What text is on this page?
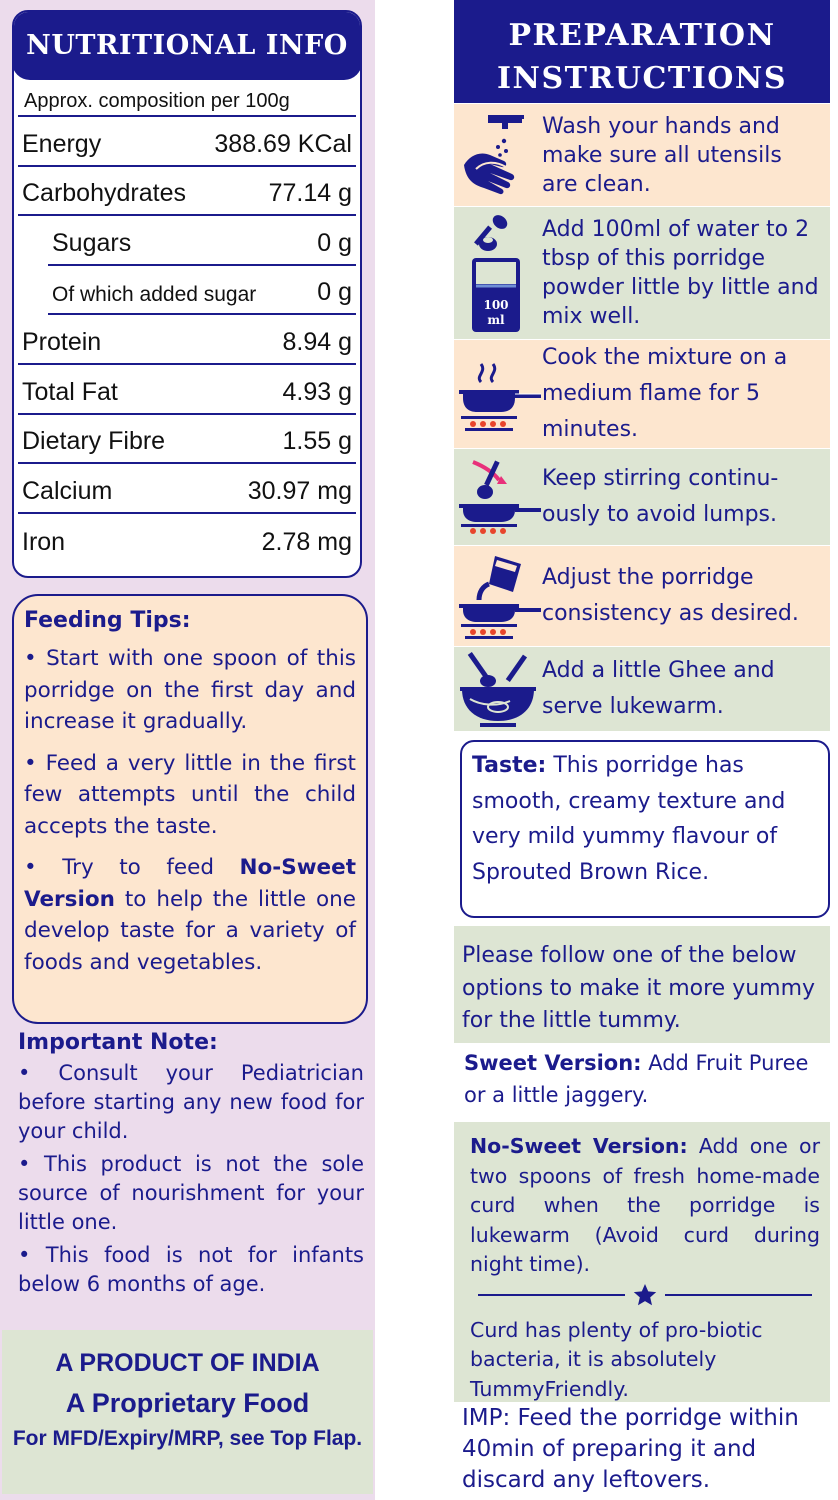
NUTRITIONAL INFO
Approx. composition per 100g
Energy	388.69 KCal
Carbohydrates	77.14 g
Sugars	0 g
Of which added sugar 0 g
Protein	8.94 g
Total Fat	4.93 g
Dietary Fibre	1.55 g
Calcium	30.97 mg
Iron	2.78 mg
Feeding Tips:
• Start with one spoon of this porridge on the first day and increase it gradually.
• Feed a very little in the first few attempts until the child accepts the taste.
• Try to feed No-Sweet Version to help the little one develop taste for a variety of foods and vegetables.
Important Note:
• Consult your Pediatrician before starting any new food for your child.
• This product is not the sole source of nourishment for your little one.
• This food is not for infants below 6 months of age.
A PRODUCT OF INDIA
A Proprietary Food
For MFD/Expiry/MRP, see Top Flap.
PREPARATION
INSTRUCTIONS
Wash your hands and make sure all utensils are clean.
100
ml
Add 100ml of water to 2 tbsp of this porridge powder little by little and mix well.
Cook the mixture on a medium flame for 5 minutes.
Keep stirring continu-ously to avoid lumps.
Adjust the porridge consistency as desired.
Add a little Ghee and serve lukewarm.
Taste: This porridge has smooth, creamy texture and very mild yummy flavour of Sprouted Brown Rice.
Please follow one of the below options to make it more yummy for the little tummy.
Sweet Version: Add Fruit Puree or a little jaggery.
No-Sweet Version: Add one or two spoons of fresh home-made curd when the porridge is lukewarm (Avoid curd during night time).
Curd has plenty of pro-biotic bacteria, it is absolutely TummyFriendly.
IMP: Feed the porridge within 40min of preparing it and discard any leftovers.
